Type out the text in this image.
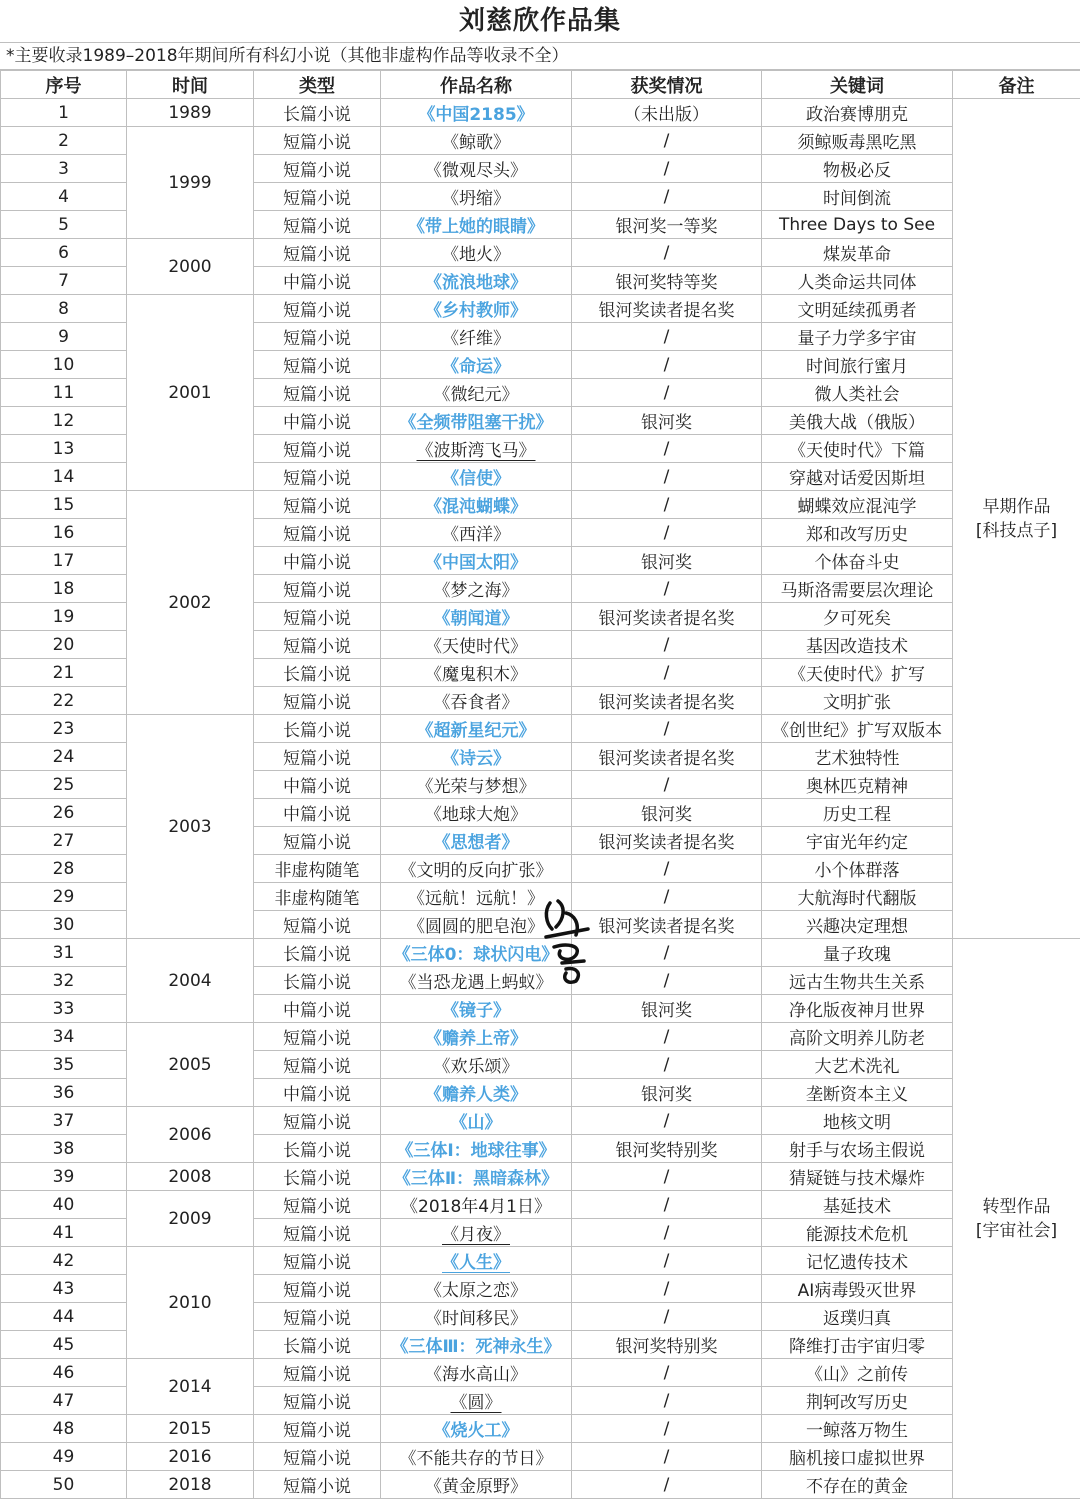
刘慈欣作品集
*主要收录1989–2018年期间所有科幻小说（其他非虚构作品等收录不全）
序号	时间	类型	作品名称	获奖情况	关键词	备注
1	1989	长篇小说	《中国2185》	（未出版）	政治赛博朋克	早期作品
[科技点子]
2	1999	短篇小说	《鲸歌》	/	须鲸贩毒黑吃黑	
3		短篇小说	《微观尽头》	/	物极必反	
4		短篇小说	《坍缩》	/	时间倒流	
5		短篇小说	《带上她的眼睛》	银河奖一等奖	Three Days to See	
6	2000	短篇小说	《地火》	/	煤炭革命	
7		中篇小说	《流浪地球》	银河奖特等奖	人类命运共同体	
8	2001	短篇小说	《乡村教师》	银河奖读者提名奖	文明延续孤勇者	
9		短篇小说	《纤维》	/	量子力学多宇宙	
10		短篇小说	《命运》	/	时间旅行蜜月	
11		短篇小说	《微纪元》	/	微人类社会	
12		中篇小说	《全频带阻塞干扰》	银河奖	美俄大战（俄版）	
13		短篇小说	《波斯湾飞马》	/	《天使时代》下篇	
14		短篇小说	《信使》	/	穿越对话爱因斯坦	
15	2002	短篇小说	《混沌蝴蝶》	/	蝴蝶效应混沌学	
16		短篇小说	《西洋》	/	郑和改写历史	
17		中篇小说	《中国太阳》	银河奖	个体奋斗史	
18		短篇小说	《梦之海》	/	马斯洛需要层次理论	
19		短篇小说	《朝闻道》	银河奖读者提名奖	夕可死矣	
20		短篇小说	《天使时代》	/	基因改造技术	
21		长篇小说	《魔鬼积木》	/	《天使时代》扩写	
22		短篇小说	《吞食者》	银河奖读者提名奖	文明扩张	
23	2003	长篇小说	《超新星纪元》	/	《创世纪》扩写双版本	
24		短篇小说	《诗云》	银河奖读者提名奖	艺术独特性	
25		中篇小说	《光荣与梦想》	/	奥林匹克精神	
26		中篇小说	《地球大炮》	银河奖	历史工程	
27		短篇小说	《思想者》	银河奖读者提名奖	宇宙光年约定	
28		非虚构随笔	《文明的反向扩张》	/	小个体群落	
29		非虚构随笔	《远航！远航！》	/	大航海时代翻版	
30		短篇小说	《圆圆的肥皂泡》	银河奖读者提名奖	兴趣决定理想	
31	2004	长篇小说	《三体0：球状闪电》	/	量子玫瑰	转型作品
[宇宙社会]
32		长篇小说	《当恐龙遇上蚂蚁》	/	远古生物共生关系	
33		中篇小说	《镜子》	银河奖	净化版夜神月世界	
34	2005	短篇小说	《赡养上帝》	/	高阶文明养儿防老	
35		短篇小说	《欢乐颂》	/	大艺术洗礼	
36		中篇小说	《赡养人类》	银河奖	垄断资本主义	
37	2006	短篇小说	《山》	/	地核文明	
38		长篇小说	《三体Ⅰ：地球往事》	银河奖特别奖	射手与农场主假说	
39	2008	长篇小说	《三体Ⅱ：黑暗森林》	/	猜疑链与技术爆炸	
40	2009	短篇小说	《2018年4月1日》	/	基延技术	
41		短篇小说	《月夜》	/	能源技术危机	
42	2010	短篇小说	《人生》	/	记忆遗传技术	
43		短篇小说	《太原之恋》	/	AI病毒毁灭世界	
44		短篇小说	《时间移民》	/	返璞归真	
45		长篇小说	《三体Ⅲ：死神永生》	银河奖特别奖	降维打击宇宙归零	
46	2014	短篇小说	《海水高山》	/	《山》之前传	
47		短篇小说	《圆》	/	荆轲改写历史	
48	2015	短篇小说	《烧火工》	/	一鲸落万物生	
49	2016	短篇小说	《不能共存的节日》	/	脑机接口虚拟世界	
50	2018	短篇小说	《黄金原野》	/	不存在的黄金	
